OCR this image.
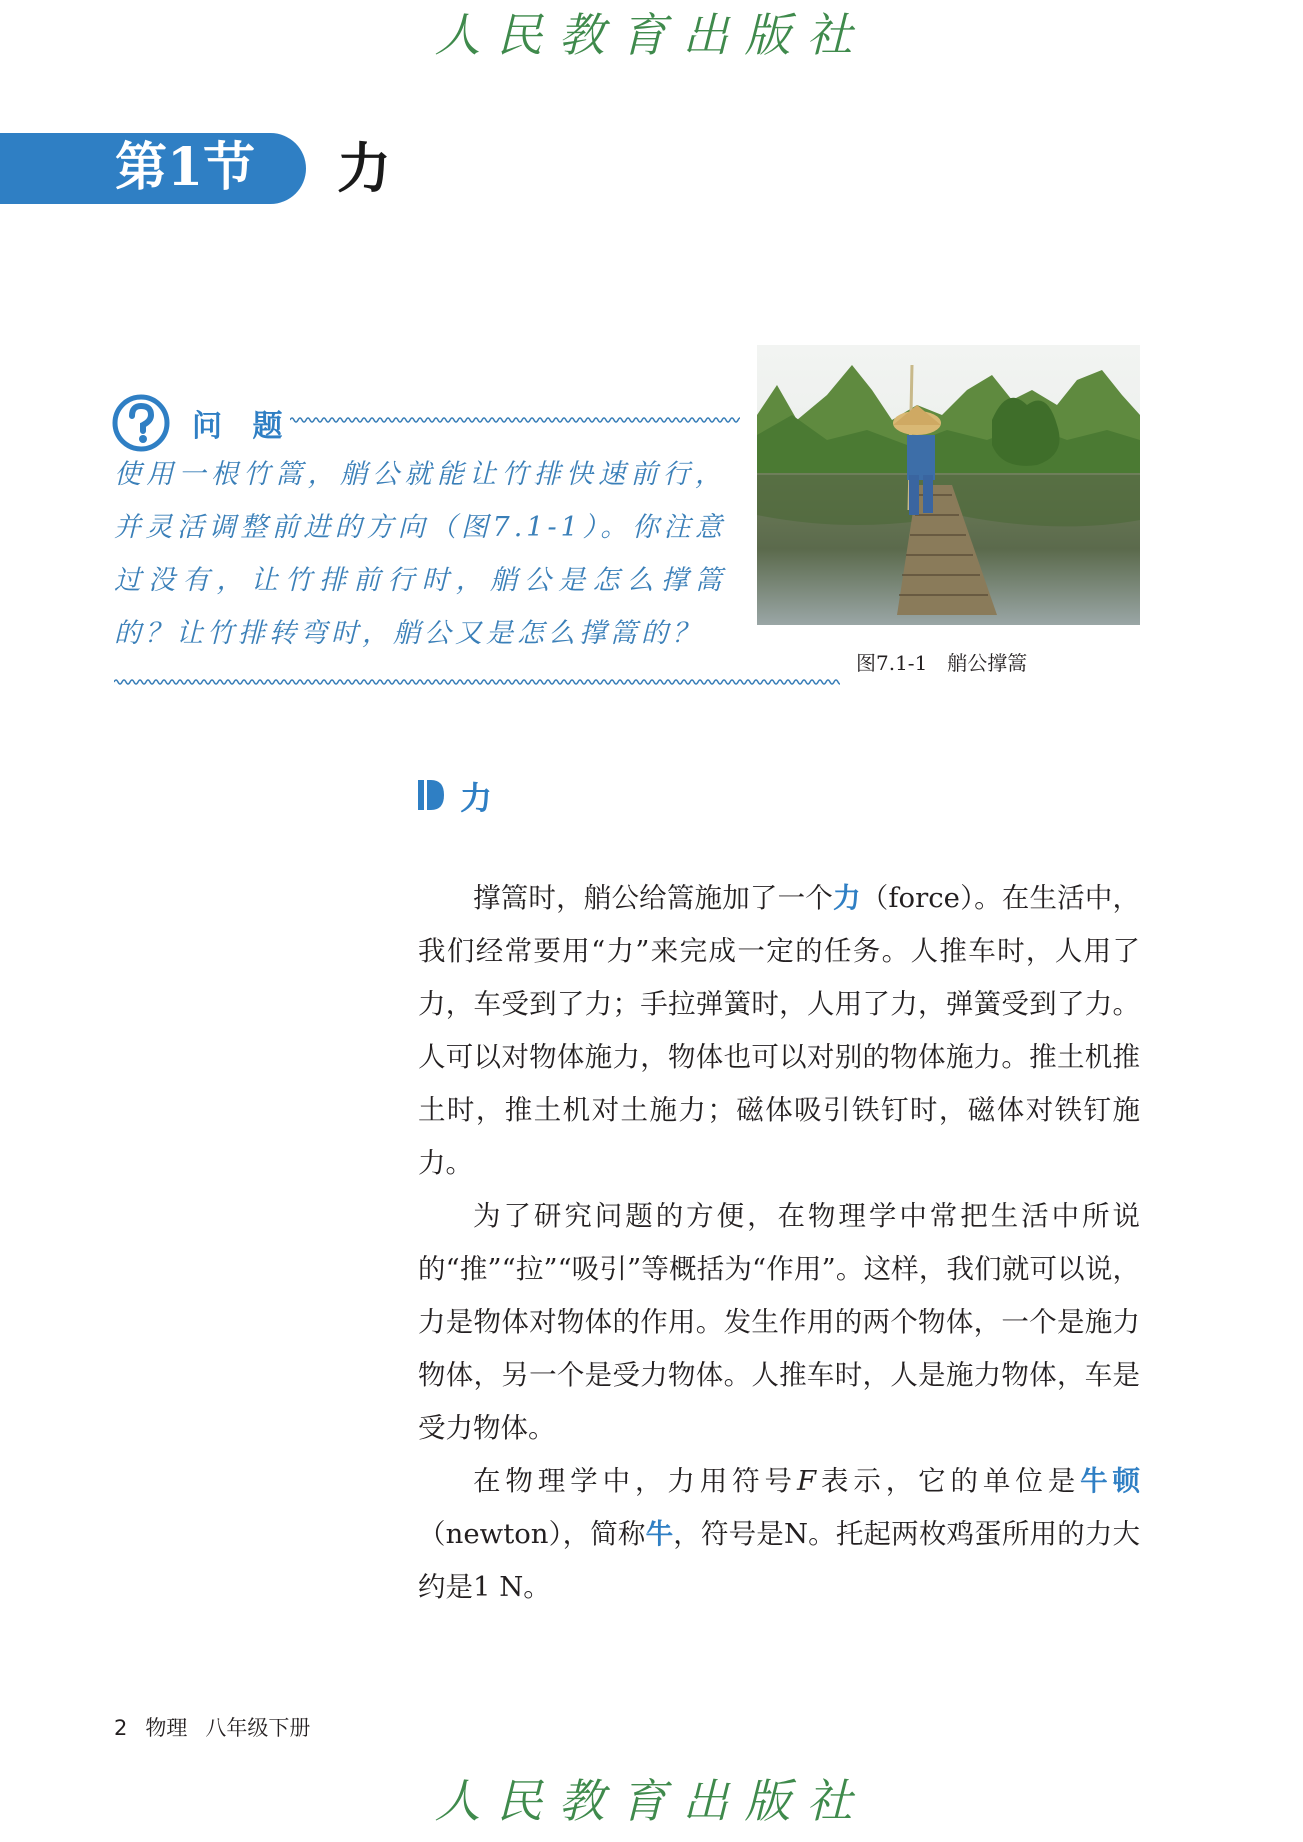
人民教育出版社
第1节 力
问 题

使用一根竹篙，艄公就能让竹排快速前行，并灵活调整前进的方向（图7.1-1）。你注意过没有，让竹排前行时，艄公是怎么撑篙的？让竹排转弯时，艄公又是怎么撑篙的？

图7.1-1 艄公撑篙
力

撑篙时，艄公给篙施加了一个力（force）。在生活中，我们经常要用“力”来完成一定的任务。人推车时，人用了力，车受到了力；手拉弹簧时，人用了力，弹簧受到了力。人可以对物体施力，物体也可以对别的物体施力。推土机推土时，推土机对土施力；磁体吸引铁钉时，磁体对铁钉施力。

为了研究问题的方便，在物理学中常把生活中所说的“推”“拉”“吸引”等概括为“作用”。这样，我们就可以说，力是物体对物体的作用。发生作用的两个物体，一个是施力物体，另一个是受力物体。人推车时，人是施力物体，车是受力物体。

在物理学中，力用符号F表示，它的单位是牛顿（newton），简称牛，符号是N。托起两枚鸡蛋所用的力大约是1 N。

2 物理 八年级下册
人民教育出版社
